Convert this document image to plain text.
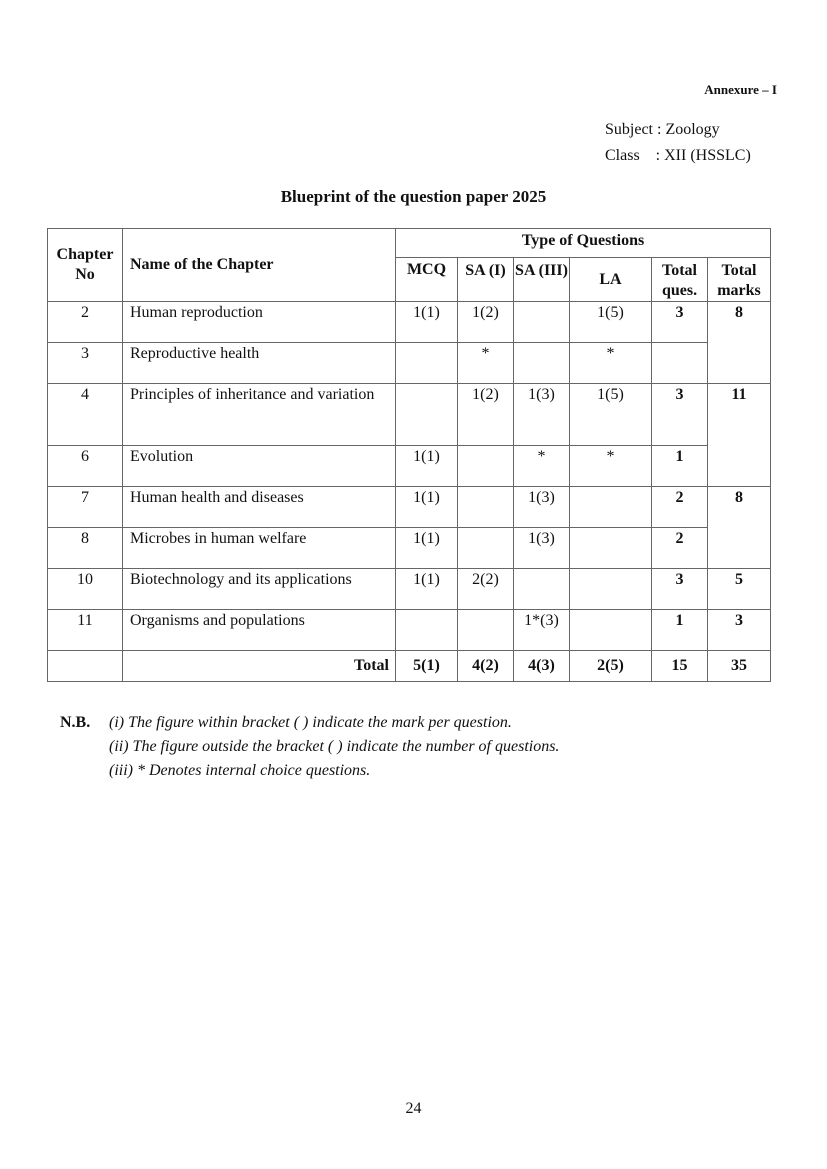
Annexure – I
Subject : Zoology
Class : XII (HSSLC)
Blueprint of the question paper 2025
Chapter No	Name of the Chapter	Type of Questions					
		MCQ	SA (I)	SA (III)	LA	Total ques.	Total marks
2	Human reproduction	1(1)	1(2)		1(5)	3	8
3	Reproductive health		*		*		
4	Principles of inheritance and variation		1(2)	1(3)	1(5)	3	11
6	Evolution	1(1)		*	*	1	
7	Human health and diseases	1(1)		1(3)		2	8
8	Microbes in human welfare	1(1)		1(3)		2	
10	Biotechnology and its applications	1(1)	2(2)			3	5
11	Organisms and populations			1*(3)		1	3
	Total	5(1)	4(2)	4(3)	2(5)	15	35
N.B. (i) The figure within bracket ( ) indicate the mark per question.
(ii) The figure outside the bracket ( ) indicate the number of questions.
(iii) * Denotes internal choice questions.
24
